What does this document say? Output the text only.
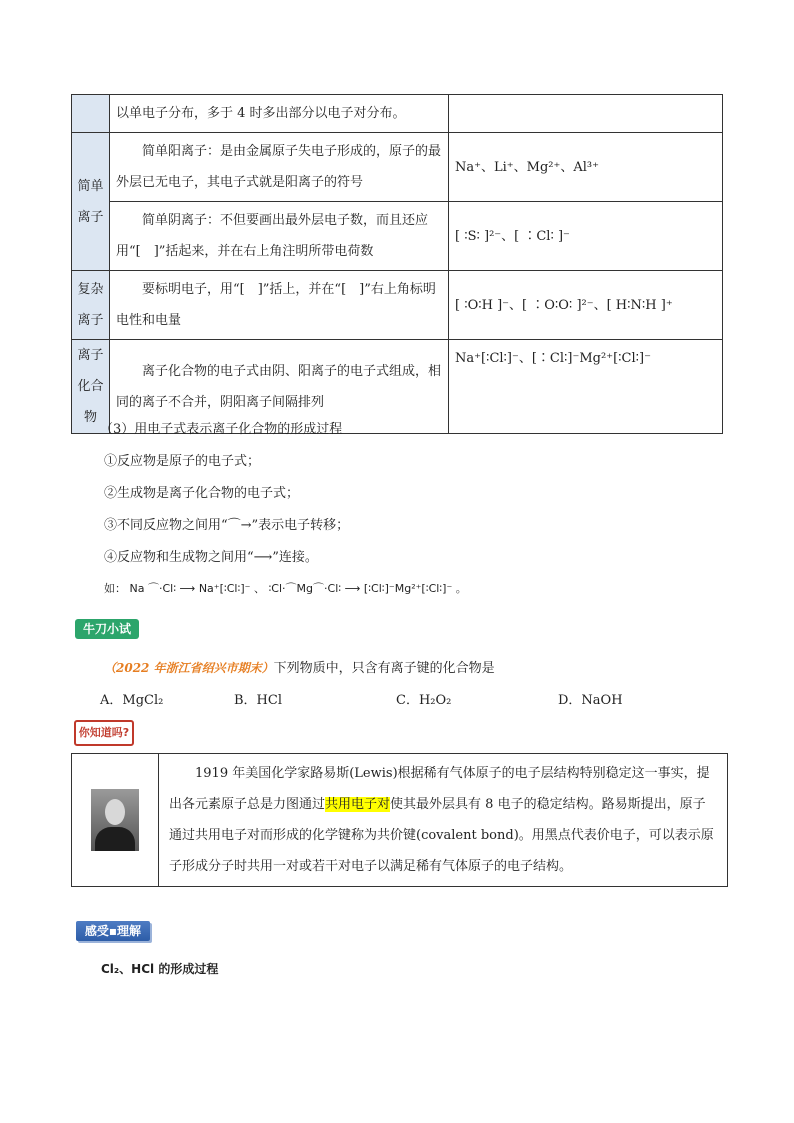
	以单电子分布，多于 4 时多出部分以电子对分布。	

简单
离子	简单阳离子：是由金属原子失电子形成的，原子的最外层已无电子，其电子式就是阳离子的符号	Na⁺、Li⁺、Mg²⁺、Al³⁺
	简单阴离子：不但要画出最外层电子数，而且还应用“[　]”括起来，并在右上角注明所带电荷数	[ ∶S∶ ]²⁻、[ ∶Cl∶ ]⁻

复杂
离子	要标明电子，用“[　]”括上，并在“[　]”右上角标明电性和电量	[ ∶O∶H ]⁻、[ ∶O∶O∶ ]²⁻、[ H∶N∶H ]⁺

离子
化合
物	离子化合物的电子式由阴、阳离子的电子式组成，相同的离子不合并，阴阳离子间隔排列	Na⁺[∶Cl∶]⁻、[∶Cl∶]⁻Mg²⁺[∶Cl∶]⁻
（3）用电子式表示离子化合物的形成过程
①反应物是原子的电子式；
②生成物是离子化合物的电子式；
③不同反应物之间用“⌒→”表示电子转移；
④反应物和生成物之间用“⟶”连接。
如： Na ⌒·Cl∶ ⟶ Na⁺[∶Cl∶]⁻ 、 ∶Cl·⌒Mg⌒·Cl∶ ⟶ [∶Cl∶]⁻Mg²⁺[∶Cl∶]⁻ 。
牛刀小试
（2022 年浙江省绍兴市期末）下列物质中，只含有离子键的化合物是
A．MgCl₂	B．HCl	C．H₂O₂	D．NaOH
你知道吗?
	1919 年美国化学家路易斯(Lewis)根据稀有气体原子的电子层结构特别稳定这一事实，提出各元素原子总是力图通过共用电子对使其最外层具有 8 电子的稳定结构。路易斯提出，原子通过共用电子对而形成的化学键称为共价键(covalent bond)。用黑点代表价电子，可以表示原子形成分子时共用一对或若干对电子以满足稀有气体原子的电子结构。
感受▪理解
Cl₂、HCl 的形成过程
